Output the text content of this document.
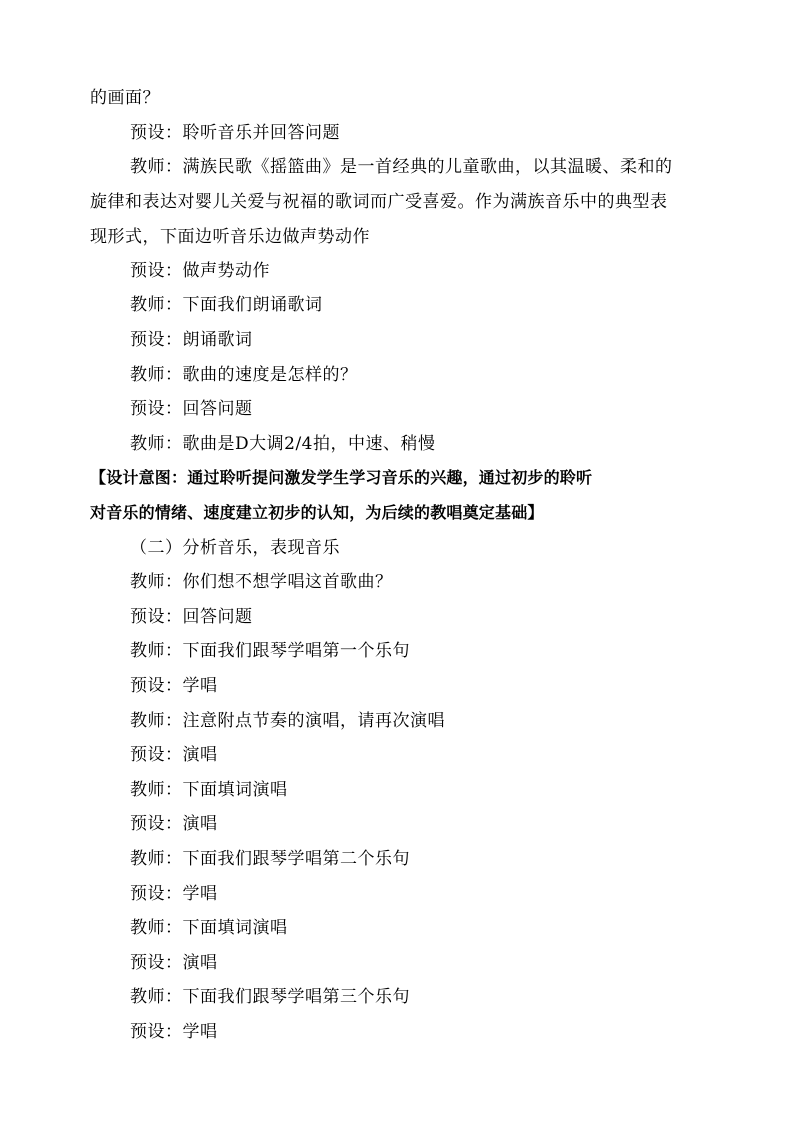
的画面？
预设：聆听音乐并回答问题
教师：满族民歌《摇篮曲》是一首经典的儿童歌曲，以其温暖、柔和的
旋律和表达对婴儿关爱与祝福的歌词而广受喜爱。作为满族音乐中的典型表
现形式，下面边听音乐边做声势动作
预设：做声势动作
教师：下面我们朗诵歌词
预设：朗诵歌词
教师：歌曲的速度是怎样的？
预设：回答问题
教师：歌曲是D大调2/4拍，中速、稍慢
【设计意图：通过聆听提问激发学生学习音乐的兴趣，通过初步的聆听
对音乐的情绪、速度建立初步的认知，为后续的教唱奠定基础】
（二）分析音乐，表现音乐
教师：你们想不想学唱这首歌曲？
预设：回答问题
教师：下面我们跟琴学唱第一个乐句
预设：学唱
教师：注意附点节奏的演唱，请再次演唱
预设：演唱
教师：下面填词演唱
预设：演唱
教师：下面我们跟琴学唱第二个乐句
预设：学唱
教师：下面填词演唱
预设：演唱
教师：下面我们跟琴学唱第三个乐句
预设：学唱
